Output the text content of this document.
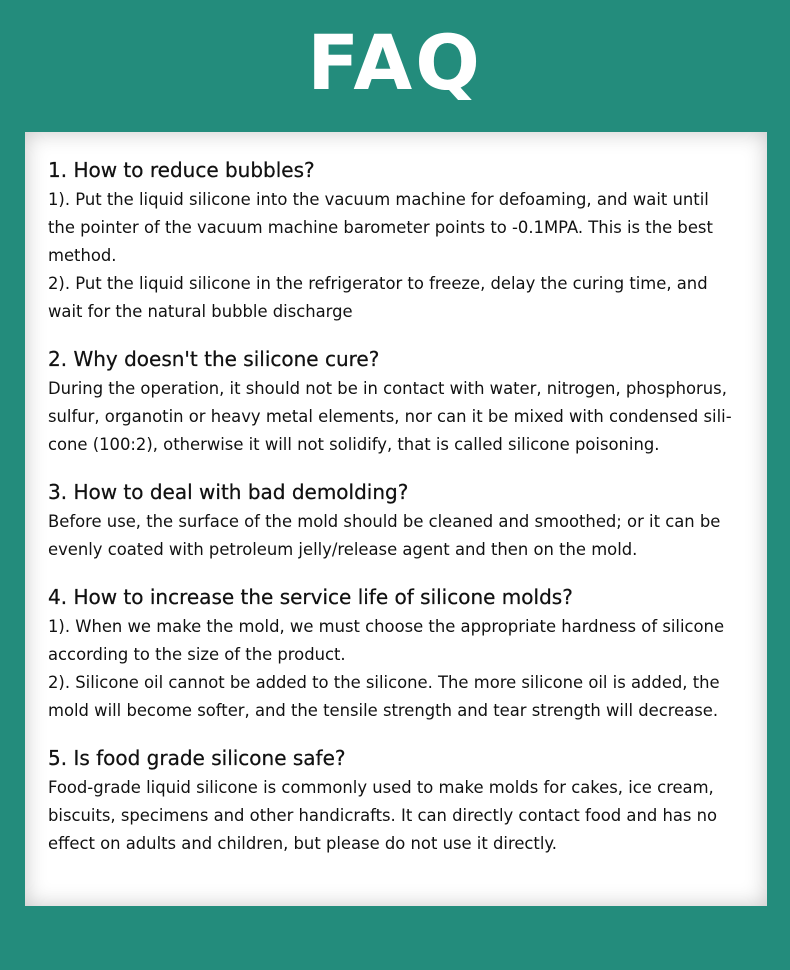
FAQ
1. How to reduce bubbles?
1). Put the liquid silicone into the vacuum machine for defoaming, and wait until
the pointer of the vacuum machine barometer points to -0.1MPA. This is the best
method.
2). Put the liquid silicone in the refrigerator to freeze, delay the curing time, and
wait for the natural bubble discharge
2. Why doesn't the silicone cure?
During the operation, it should not be in contact with water, nitrogen, phosphorus,
sulfur, organotin or heavy metal elements, nor can it be mixed with condensed sili-
cone (100:2), otherwise it will not solidify, that is called silicone poisoning.
3. How to deal with bad demolding?
Before use, the surface of the mold should be cleaned and smoothed; or it can be
evenly coated with petroleum jelly/release agent and then on the mold.
4. How to increase the service life of silicone molds?
1). When we make the mold, we must choose the appropriate hardness of silicone
according to the size of the product.
2). Silicone oil cannot be added to the silicone. The more silicone oil is added, the
mold will become softer, and the tensile strength and tear strength will decrease.
5. Is food grade silicone safe?
Food-grade liquid silicone is commonly used to make molds for cakes, ice cream,
biscuits, specimens and other handicrafts. It can directly contact food and has no
effect on adults and children, but please do not use it directly.
